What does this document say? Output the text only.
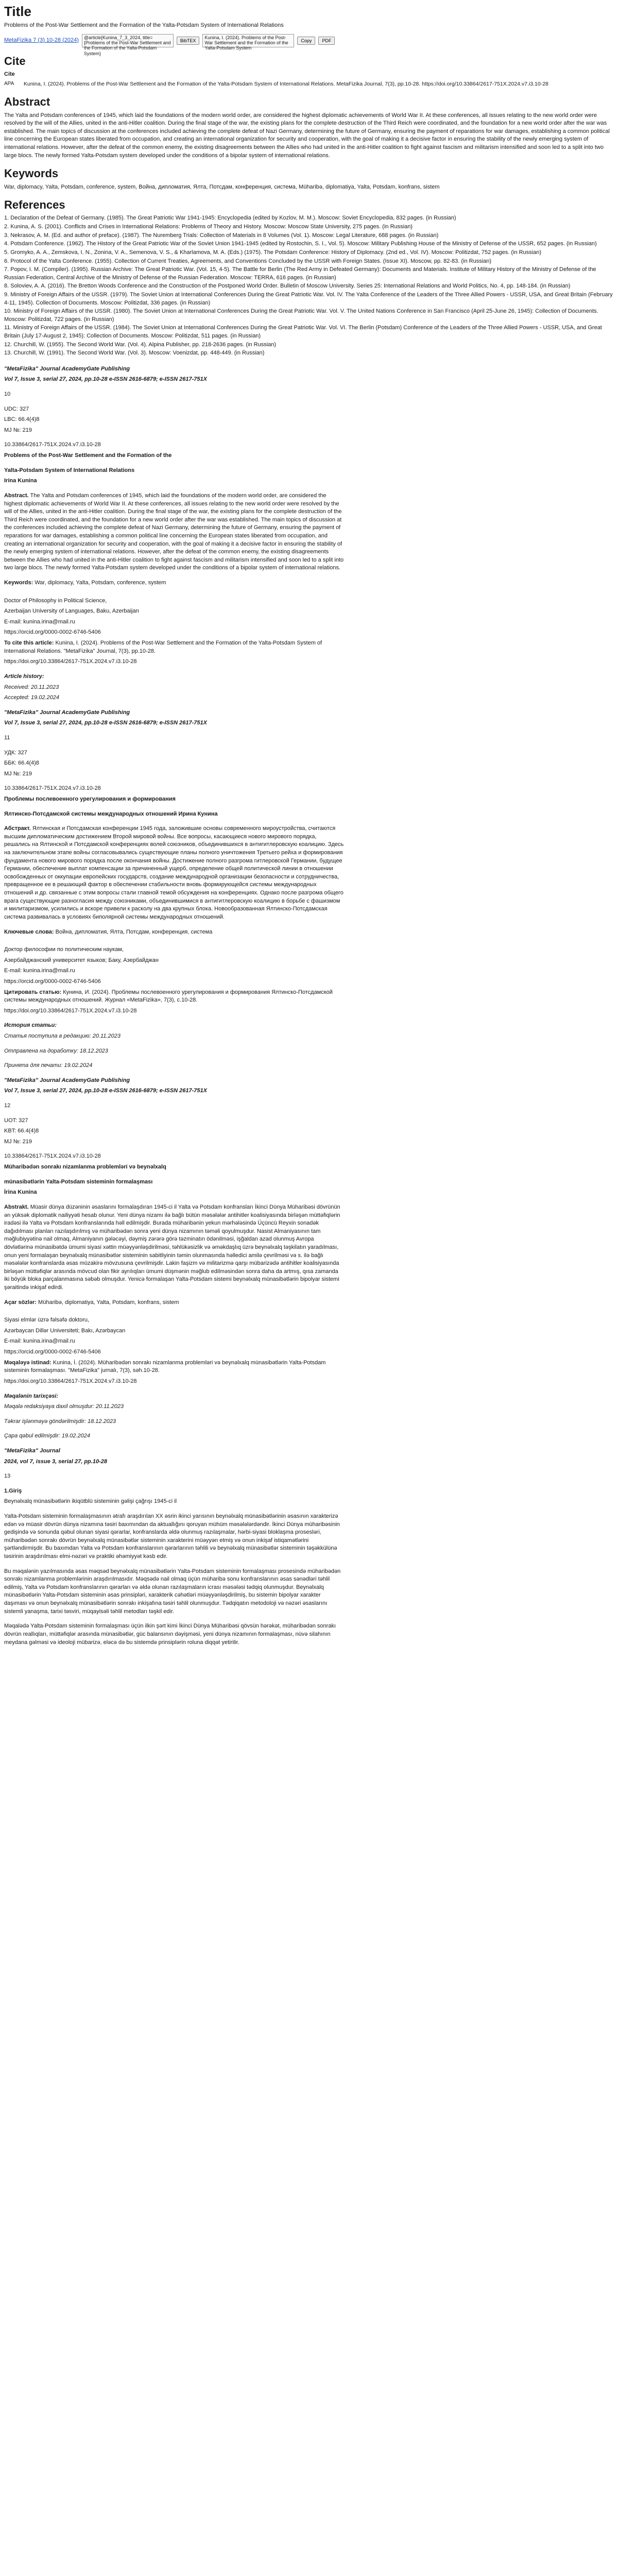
Title
Problems of the Post-War Settlement and the Formation of the Yalta-Potsdam System of International Relations
MetaFizika 7 (3) 10-28 (2024)	@article{Kunina_7_3_2024, title={Problems of the Post-War Settlement and the Formation of the Yalta-Potsdam System}
BibTEX
Kunina, I. (2024). Problems of the Post-War Settlement and the Formation of the Yalta-Potsdam System
Copy	PDF
Cite
Cite
APA	Kunina, I. (2024). Problems of the Post-War Settlement and the Formation of the Yalta-Potsdam System of International Relations. MetaFizika Journal, 7(3), pp.10-28. https://doi.org/10.33864/2617-751X.2024.v7.i3.10-28
Abstract

The Yalta and Potsdam conferences of 1945, which laid the foundations of the modern world order, are considered the highest diplomatic achievements of World War II. At these conferences, all issues relating to the new world order were resolved by the will of the Allies, united in the anti-Hitler coalition. During the final stage of the war, the existing plans for the complete destruction of the Third Reich were coordinated, and the foundation for a new world order after the war was established. The main topics of discussion at the conferences included achieving the complete defeat of Nazi Germany, determining the future of Germany, ensuring the payment of reparations for war damages, establishing a common political line concerning the European states liberated from occupation, and creating an international organization for security and cooperation, with the goal of making it a decisive factor in ensuring the stability of the newly emerging system of international relations. However, after the defeat of the common enemy, the existing disagreements between the Allies who had united in the anti-Hitler coalition to fight against fascism and militarism intensified and soon led to a split into two large blocs. The newly formed Yalta-Potsdam system developed under the conditions of a bipolar system of international relations.

Keywords

War, diplomacy, Yalta, Potsdam, conference, system, Война, дипломатия, Ялта, Потсдам, конференция, система, Müharibə, diplomatiya, Yalta, Potsdam, konfrans, sistem

References
1. Declaration of the Defeat of Germany. (1985). The Great Patriotic War 1941-1945: Encyclopedia (edited by Kozlov, M. M.). Moscow: Soviet Encyclopedia, 832 pages. (in Russian)
2. Kunina, A. S. (2001). Conflicts and Crises in International Relations: Problems of Theory and History. Moscow: Moscow State University, 275 pages. (in Russian)
3. Nekrasov, A. M. (Ed. and author of preface). (1987). The Nuremberg Trials: Collection of Materials in 8 Volumes (Vol. 1). Moscow: Legal Literature, 688 pages. (in Russian)
4. Potsdam Conference. (1962). The History of the Great Patriotic War of the Soviet Union 1941-1945 (edited by Rostochin, S. I., Vol. 5). Moscow: Military Publishing House of the Ministry of Defense of the USSR, 652 pages. (in Russian)
5. Gromyko, A. A., Zemskova, I. N., Zonina, V. A., Semenova, V. S., & Kharlamova, M. A. (Eds.) (1975). The Potsdam Conference: History of Diplomacy. (2nd ed., Vol. IV). Moscow: Politizdat, 752 pages. (in Russian)
6. Protocol of the Yalta Conference. (1955). Collection of Current Treaties, Agreements, and Conventions Concluded by the USSR with Foreign States. (Issue XI). Moscow, pp. 82-83. (in Russian)
7. Popov, I. M. (Compiler). (1995). Russian Archive: The Great Patriotic War. (Vol. 15, 4-5). The Battle for Berlin (The Red Army in Defeated Germany): Documents and Materials. Institute of Military History of the Ministry of Defense of the Russian Federation, Central Archive of the Ministry of Defense of the Russian Federation. Moscow: TERRA, 616 pages. (in Russian)
8. Soloviev, A. A. (2016). The Bretton Woods Conference and the Construction of the Postponed World Order. Bulletin of Moscow University. Series 25: International Relations and World Politics, No. 4, pp. 148-184. (in Russian)
9. Ministry of Foreign Affairs of the USSR. (1979). The Soviet Union at International Conferences During the Great Patriotic War. Vol. IV. The Yalta Conference of the Leaders of the Three Allied Powers - USSR, USA, and Great Britain (February 4-11, 1945). Collection of Documents. Moscow: Politizdat, 336 pages. (in Russian)
10. Ministry of Foreign Affairs of the USSR. (1980). The Soviet Union at International Conferences During the Great Patriotic War. Vol. V. The United Nations Conference in San Francisco (April 25-June 26, 1945): Collection of Documents. Moscow: Politizdat, 722 pages. (in Russian)
11. Ministry of Foreign Affairs of the USSR. (1984). The Soviet Union at International Conferences During the Great Patriotic War. Vol. VI. The Berlin (Potsdam) Conference of the Leaders of the Three Allied Powers - USSR, USA, and Great Britain (July 17-August 2, 1945): Collection of Documents. Moscow: Politizdat, 511 pages. (in Russian)
12. Churchill, W. (1955). The Second World War. (Vol. 4). Alpina Publisher, pp. 218-2636 pages. (in Russian)
13. Churchill, W. (1991). The Second World War. (Vol. 3). Moscow: Voenizdat, pp. 448-449. (in Russian)

"MetaFizika" Journal AcademyGate Publishing

Vol 7, Issue 3, serial 27, 2024, pp.10-28 e-ISSN 2616-6879; e-ISSN 2617-751X

10

UDC: 327

LBC: 66.4(4)8

MJ №: 219

10.33864/2617-751X.2024.v7.i3.10-28

Problems of the Post-War Settlement and the Formation of the

Yalta-Potsdam System of International Relations

Irina Kunina

Abstract. The Yalta and Potsdam conferences of 1945, which laid the foundations of the modern world order, are considered the highest diplomatic achievements of World War II. At these conferences, all issues relating to the new world order were resolved by the will of the Allies, united in the anti-Hitler coalition. During the final stage of the war, the existing plans for the complete destruction of the Third Reich were coordinated, and the foundation for a new world order after the war was established. The main topics of discussion at the conferences included achieving the complete defeat of Nazi Germany, determining the future of Germany, ensuring the payment of reparations for war damages, establishing a common political line concerning the European states liberated from occupation, and creating an international organization for security and cooperation, with the goal of making it a decisive factor in ensuring the stability of the newly emerging system of international relations. However, after the defeat of the common enemy, the existing disagreements between the Allies who had united in the anti-Hitler coalition to fight against fascism and militarism intensified and soon led to a split into two large blocs. The newly formed Yalta-Potsdam system developed under the conditions of a bipolar system of international relations.

Keywords: War, diplomacy, Yalta, Potsdam, conference, system

Doctor of Philosophy in Political Science,

Azerbaijan University of Languages, Baku, Azerbaijan

E-mail: kunina.irina@mail.ru

https://orcid.org/0000-0002-6746-5406

To cite this article: Kunina, I. (2024). Problems of the Post-War Settlement and the Formation of the Yalta-Potsdam System of International Relations. "MetaFizika" Journal, 7(3), pp.10-28.

https://doi.org/10.33864/2617-751X.2024.v7.i3.10-28

Article history:

Received: 20.11.2023

Accepted: 19.02.2024

"MetaFizika" Journal AcademyGate Publishing

Vol 7, Issue 3, serial 27, 2024, pp.10-28 e-ISSN 2616-6879; e-ISSN 2617-751X

11

УДК: 327

ББК: 66.4(4)8

MJ №: 219

10.33864/2617-751X.2024.v7.i3.10-28

Проблемы послевоенного урегулирования и формирования

Ялтинско-Потсдамской системы международных отношений Ирина Кунина

Абстракт. Ялтинская и Потсдамская конференции 1945 года, заложившие основы современного мироустройства, считаются высшим дипломатическим достижением Второй мировой войны. Все вопросы, касающиеся нового мирового порядка, решались на Ялтинской и Потсдамской конференциях волей союзников, объединившихся в антигитлеровскую коалицию. Здесь на заключительном этапе войны согласовывались существующие планы полного уничтожения Третьего рейха и формирования фундамента нового мирового порядка после окончания войны. Достижение полного разгрома гитлеровской Германии, будущее Германии, обеспечение выплат компенсации за причиненный ущерб, определение общей политической линии в отношении освобожденных от оккупации европейских государств, создание международной организации безопасности и сотрудничества, превращенное ее в решающий фактор в обеспечении стабильности вновь формирующейся системы международных отношений и др. связанные с этим вопросы стали главной темой обсуждения на конференциях. Однако после разгрома общего врага существующие разногласия между союзниками, объединившимися в антигитлеровскую коалицию в борьбе с фашизмом и милитаризмом, усилились и вскоре привели к расколу на два крупных блока. Новообразованная Ялтинско-Потсдамская система развивалась в условиях биполярной системы международных отношений.

Ключевые слова: Война, дипломатия, Ялта, Потсдам, конференция, система

Доктор философии по политическим наукам,

Азербайджанский университет языков; Баку, Азербайджан

E-mail: kunina.irina@mail.ru

https://orcid.org/0000-0002-6746-5406

Цитировать статью: Кунина, И. (2024). Проблемы послевоенного урегулирования и формирования Ялтинско-Потсдамской системы международных отношений. Журнал «MetaFizika», 7(3), с.10-28.

https://doi.org/10.33864/2617-751X.2024.v7.i3.10-28

История статьи:

Статья поступила в редакцию: 20.11.2023

Отправлена на доработку: 18.12.2023

Принята для печати: 19.02.2024

"MetaFizika" Journal AcademyGate Publishing

Vol 7, Issue 3, serial 27, 2024, pp.10-28 e-ISSN 2616-6879; e-ISSN 2617-751X

12

UOT: 327

KBT: 66.4(4)8

MJ №: 219

10.33864/2617-751X.2024.v7.i3.10-28

Müharibədən sonrakı nizamlanma problemləri və beynəlxalq

münasibətlərin Yalta-Potsdam sisteminin formalaşması

İrina Kunina

Abstrakt. Müasir dünya düzəninin əsaslarını formalaşdıran 1945-ci il Yalta və Potsdam konfransları İkinci Dünya Müharibəsi dövrünün ən yüksək diplomatik nailiyyəti hesab olunur. Yeni dünya nizamı ilə bağlı bütün məsələlər antihitler koalisiyasında birləşən müttəfiqlərin iradəsi ilə Yalta və Potsdam konfranslarında həll edilmişdir. Burada müharibənin yekun mərhələsində Üçüncü Reyxin sonadək dağıdılması planları razılaşdırılmış və müharibədən sonra yeni dünya nizamının təməli qoyulmuşdur. Nasist Almaniyasının tam məğlubiyyətinə nail olmaq, Almaniyanın gələcəyi, dəymiş zərərə görə təzminatın ödənilməsi, işğaldan azad olunmuş Avropa dövlətlərinə münasibətdə ümumi siyasi xəttin müəyyənləşdirilməsi, təhlükəsizlik və əməkdaşlıq üzrə beynəlxalq təşkilatın yaradılması, onun yeni formalaşan beynəlxalq münasibətlər sisteminin sabitliyinin təmin olunmasında həlledici amilə çevrilməsi və s. ilə bağlı məsələlər konfranslarda əsas müzakirə mövzusuna çevrilmişdir. Lakin faşizm və militarizmə qarşı mübarizədə antihitler koalisiyasında birləşən müttəfiqlər arasında mövcud olan fikir ayrılıqları ümumi düşmənin məğlub edilməsindən sonra daha da artmış, qısa zamanda iki böyük bloka parçalanmasına səbəb olmuşdur. Yenicə formalaşan Yalta-Potsdam sistemi beynəlxalq münasibətlərin bipolyar sistemi şəraitində inkişaf edirdi.

Açar sözlər: Müharibə, diplomatiya, Yalta, Potsdam, konfrans, sistem

Siyasi elmlər üzrə fəlsəfə doktoru,

Azərbaycan Dillər Universiteti; Bakı, Azərbaycan

E-mail: kunina.irina@mail.ru

https://orcid.org/0000-0002-6746-5406

Məqaləyə istinad: Kunina, İ. (2024). Müharibədən sonrakı nizamlanma problemləri və beynəlxalq münasibətlərin Yalta-Potsdam sisteminin formalaşması. "MetaFizika" jurnalı, 7(3), səh.10-28.

https://doi.org/10.33864/2617-751X.2024.v7.i3.10-28

Məqalənin tarixçəsi:

Məqalə redaksiyaya daxil olmuşdur: 20.11.2023

Təkrar işlənməyə göndərilmişdir: 18.12.2023

Çapa qəbul edilmişdir: 19.02.2024

"MetaFizika" Journal

2024, vol 7, issue 3, serial 27, pp.10-28

13

1.Giriş

Beynəlxalq münasibətlərin ikiqütblü sisteminin gəlişi çağrışı 1945-ci il

Yalta-Potsdam sisteminin formalaşmasının ətrafı araşdırılan XX əsrin ikinci yarısının beynəlxalq münasibətlərinin əsasının xarakterizə edən və müasir dövrün dünya nizamına təsiri baxımından da aktuallığını qoruyan mühüm məsələlərdəndir. İkinci Dünya müharibəsinin gedişində və sonunda qəbul olunan siyasi qərarlar, konfranslarda əldə olunmuş razılaşmalar, hərbi-siyasi bloklaşma prosesləri, müharibədən sonrakı dövrün beynəlxalq münasibətlər sisteminin xarakterini müəyyən etmiş və onun inkişaf istiqamətlərini şərtləndirmişdir. Bu baxımdan Yalta və Potsdam konfranslarının qərarlarının təhlili və beynəlxalq münasibətlər sisteminin təşəkkülünə təsirinin araşdırılması elmi-nəzəri və praktiki əhəmiyyət kəsb edir.

Bu məqalənin yazılmasında əsas məqsəd beynəlxalq münasibətlərin Yalta-Potsdam sisteminin formalaşması prosesində müharibədən sonrakı nizamlanma problemlərinin araşdırılmasıdır. Məqsədə nail olmaq üçün müharibə sonu konfranslarının əsas sənədləri təhlil edilmiş, Yalta və Potsdam konfranslarının qərarları və əldə olunan razılaşmaların icrası məsələsi tədqiq olunmuşdur. Beynəlxalq münasibətlərin Yalta-Potsdam sisteminin əsas prinsipləri, xarakterik cəhətləri müəyyənləşdirilmiş, bu sistemin bipolyar xarakter daşıması və onun beynəlxalq münasibətlərin sonrakı inkişafına təsiri təhlil olunmuşdur. Tədqiqatın metodoloji və nəzəri əsaslarını sistemli yanaşma, tarixi təsviri, müqayisəli təhlil metodları təşkil edir.

Məqalədə Yalta-Potsdam sisteminin formalaşması üçün ilkin şərt kimi İkinci Dünya Müharibəsi qövsün hərəkət, müharibədən sonrakı dövrün reallıqları, müttəfiqlər arasında münasibətlər, güc balansının dəyişməsi, yeni dünya nizamının formalaşması, nüvə silahının meydana gəlməsi və ideoloji mübarizə, eləcə də bu sistemdə prinsiplərin roluna diqqət yetirilir.
